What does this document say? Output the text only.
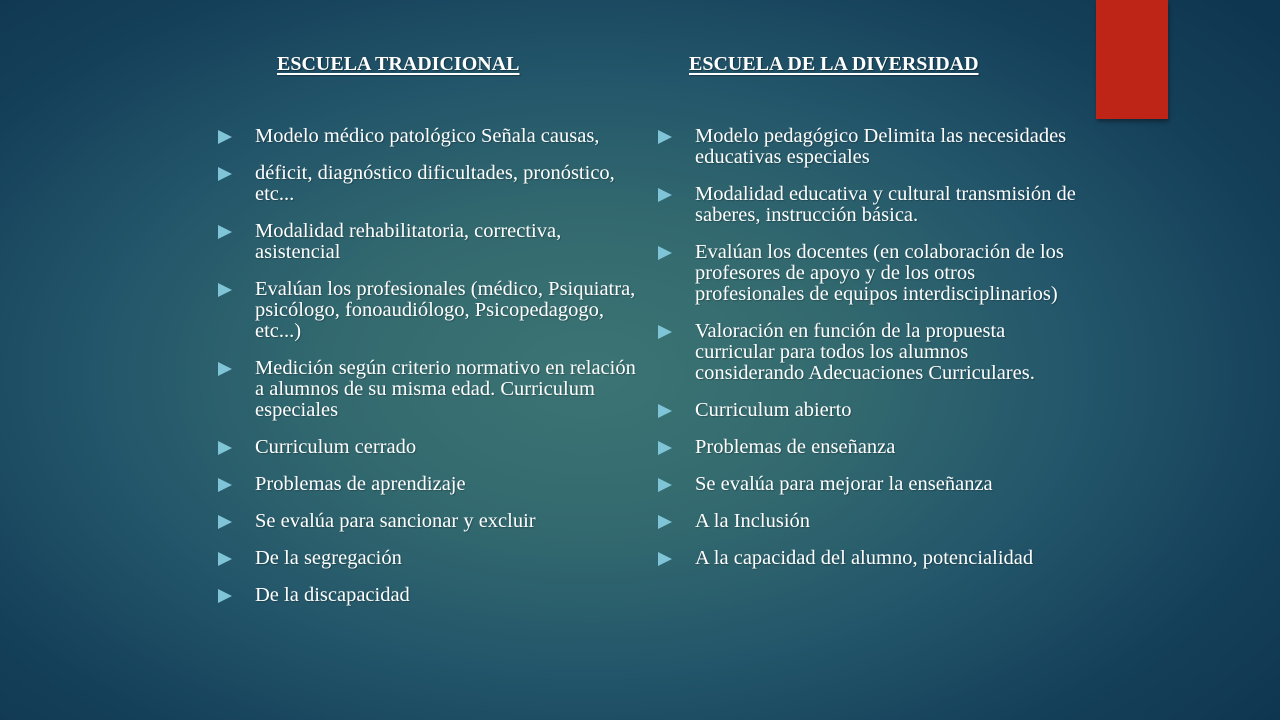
ESCUELA TRADICIONAL
Modelo médico patológico Señala causas,
déficit, diagnóstico dificultades, pronóstico, etc...
Modalidad rehabilitatoria, correctiva, asistencial
Evalúan los profesionales (médico, Psiquiatra, psicólogo, fonoaudiólogo, Psicopedagogo, etc...)
Medición según criterio normativo en relación a alumnos de su misma edad. Curriculum especiales
Curriculum cerrado
Problemas de aprendizaje
Se evalúa para sancionar y excluir
De la segregación
De la discapacidad
ESCUELA DE LA DIVERSIDAD
Modelo pedagógico Delimita las necesidades educativas especiales
Modalidad educativa y cultural transmisión de saberes, instrucción básica.
Evalúan los docentes (en colaboración de los profesores de apoyo y de los otros profesionales de equipos interdisciplinarios)
Valoración en función de la propuesta curricular para todos los alumnos considerando Adecuaciones Curriculares.
Curriculum abierto
Problemas de enseñanza
Se evalúa para mejorar la enseñanza
A la Inclusión
A la capacidad del alumno, potencialidad
